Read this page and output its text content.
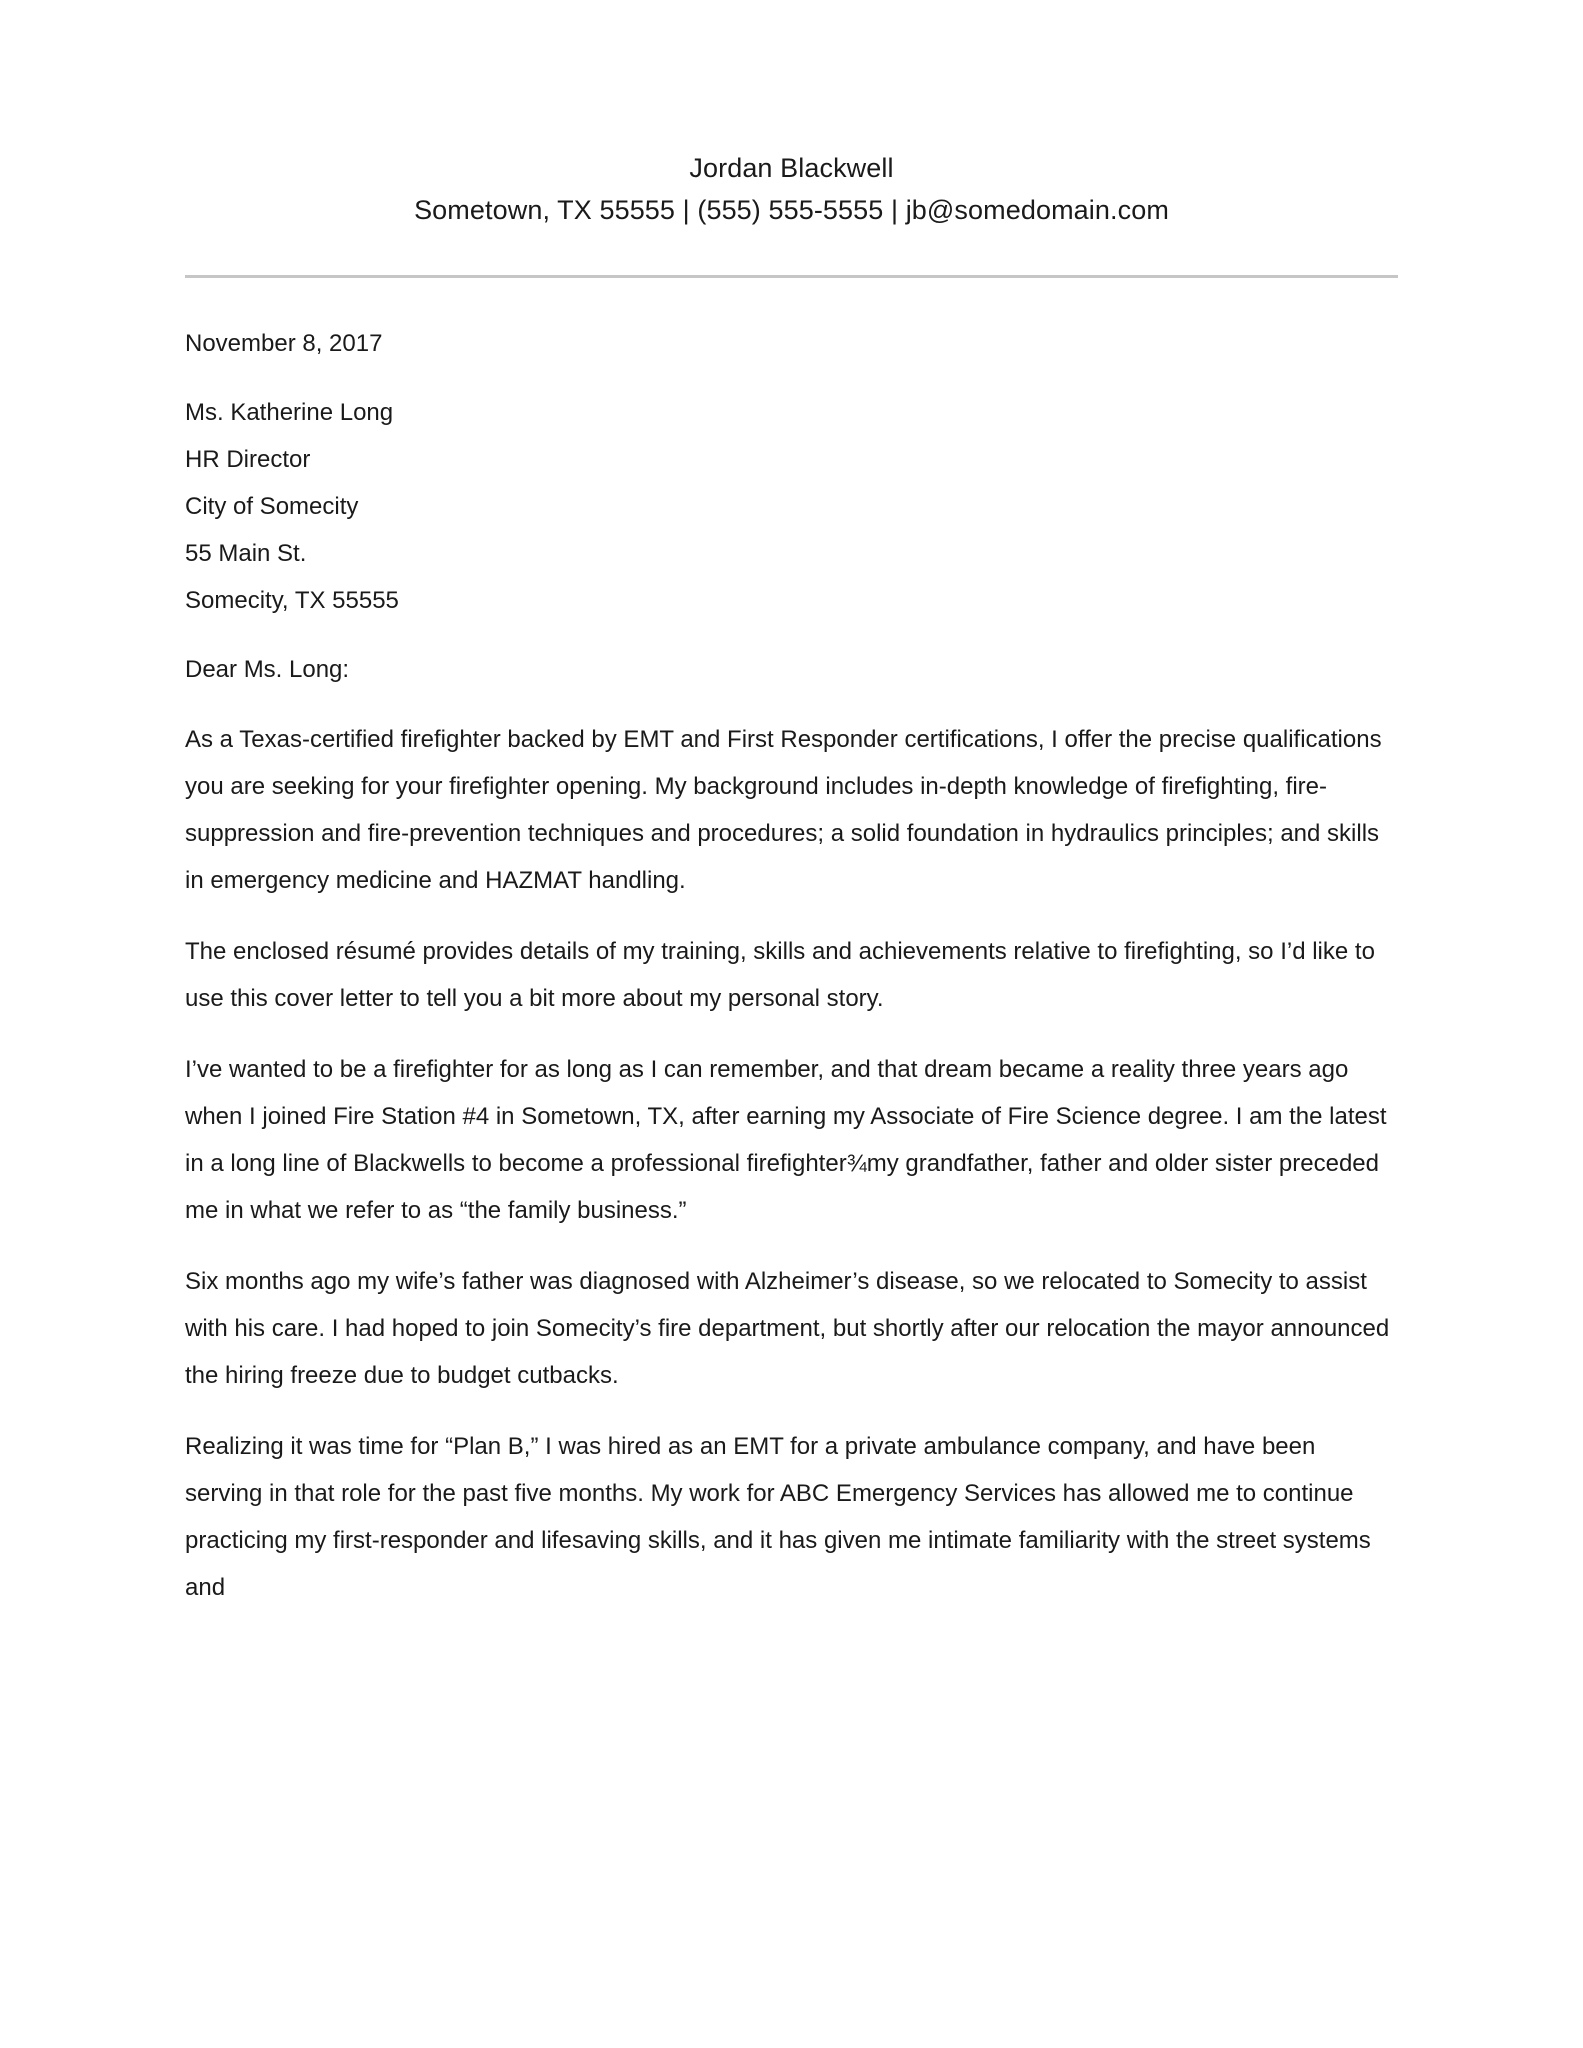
Jordan Blackwell
Sometown, TX 55555 | (555) 555-5555 | jb@somedomain.com
November 8, 2017
Ms. Katherine Long
HR Director
City of Somecity
55 Main St.
Somecity, TX 55555
Dear Ms. Long:

As a Texas-certified firefighter backed by EMT and First Responder certifications, I offer the precise qualifications you are seeking for your firefighter opening. My background includes in-depth knowledge of firefighting, fire-suppression and fire-prevention techniques and procedures; a solid foundation in hydraulics principles; and skills in emergency medicine and HAZMAT handling.

The enclosed résumé provides details of my training, skills and achievements relative to firefighting, so I’d like to use this cover letter to tell you a bit more about my personal story.

I’ve wanted to be a firefighter for as long as I can remember, and that dream became a reality three years ago when I joined Fire Station #4 in Sometown, TX, after earning my Associate of Fire Science degree. I am the latest in a long line of Blackwells to become a professional firefighter¾my grandfather, father and older sister preceded me in what we refer to as “the family business.”

Six months ago my wife’s father was diagnosed with Alzheimer’s disease, so we relocated to Somecity to assist with his care. I had hoped to join Somecity’s fire department, but shortly after our relocation the mayor announced the hiring freeze due to budget cutbacks.

Realizing it was time for “Plan B,” I was hired as an EMT for a private ambulance company, and have been serving in that role for the past five months. My work for ABC Emergency Services has allowed me to continue practicing my first-responder and lifesaving skills, and it has given me intimate familiarity with the street systems and
